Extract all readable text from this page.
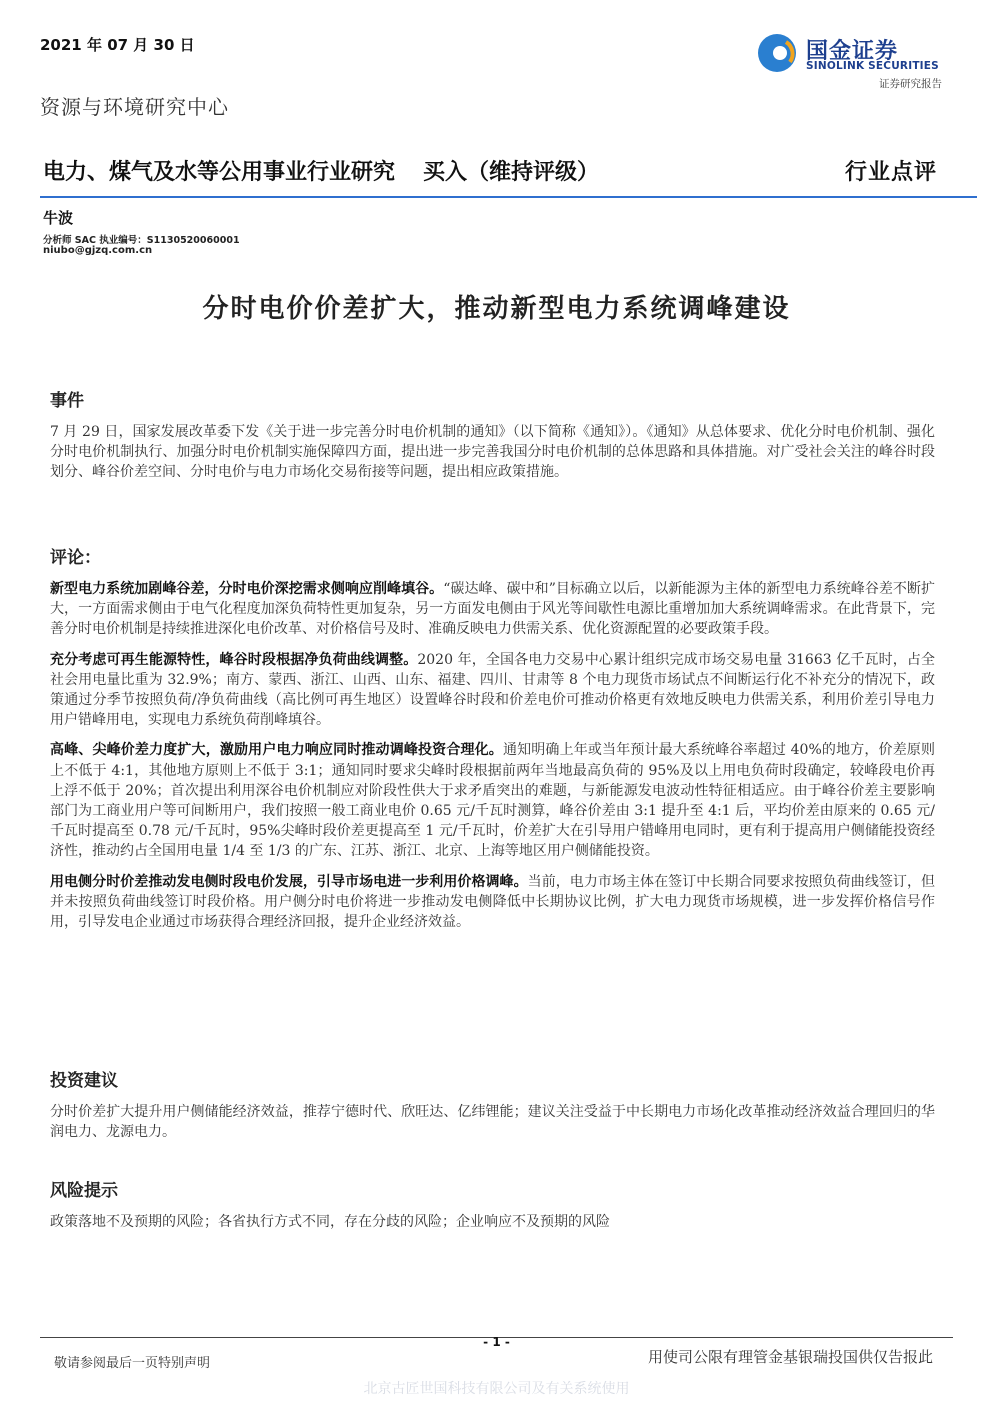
2021 年 07 月 30 日	国金证券
SINOLINK SECURITIES
证券研究报告
资源与环境研究中心
电力、煤气及水等公用事业行业研究 买入（维持评级）	行业点评
牛波
分析师 SAC 执业编号：S1130520060001
niubo@gjzq.com.cn
分时电价价差扩大，推动新型电力系统调峰建设
事件
7 月 29 日，国家发展改革委下发《关于进一步完善分时电价机制的通知》（以下简称《通知》）。《通知》从总体要求、优化分时电价机制、强化分时电价机制执行、加强分时电价机制实施保障四方面，提出进一步完善我国分时电价机制的总体思路和具体措施。对广受社会关注的峰谷时段划分、峰谷价差空间、分时电价与电力市场化交易衔接等问题，提出相应政策措施。
评论：
新型电力系统加剧峰谷差，分时电价深挖需求侧响应削峰填谷。“碳达峰、碳中和”目标确立以后，以新能源为主体的新型电力系统峰谷差不断扩大，一方面需求侧由于电气化程度加深负荷特性更加复杂，另一方面发电侧由于风光等间歇性电源比重增加加大系统调峰需求。在此背景下，完善分时电价机制是持续推进深化电价改革、对价格信号及时、准确反映电力供需关系、优化资源配置的必要政策手段。
充分考虑可再生能源特性，峰谷时段根据净负荷曲线调整。2020 年，全国各电力交易中心累计组织完成市场交易电量 31663 亿千瓦时，占全社会用电量比重为 32.9%；南方、蒙西、浙江、山西、山东、福建、四川、甘肃等 8 个电力现货市场试点不间断运行化不补充分的情况下，政策通过分季节按照负荷/净负荷曲线（高比例可再生地区）设置峰谷时段和价差电价可推动价格更有效地反映电力供需关系，利用价差引导电力用户错峰用电，实现电力系统负荷削峰填谷。
高峰、尖峰价差力度扩大，激励用户电力响应同时推动调峰投资合理化。通知明确上年或当年预计最大系统峰谷率超过 40%的地方，价差原则上不低于 4:1，其他地方原则上不低于 3:1；通知同时要求尖峰时段根据前两年当地最高负荷的 95%及以上用电负荷时段确定，较峰段电价再上浮不低于 20%；首次提出利用深谷电价机制应对阶段性供大于求矛盾突出的难题，与新能源发电波动性特征相适应。由于峰谷价差主要影响部门为工商业用户等可间断用户，我们按照一般工商业电价 0.65 元/千瓦时测算，峰谷价差由 3:1 提升至 4:1 后，平均价差由原来的 0.65 元/千瓦时提高至 0.78 元/千瓦时，95%尖峰时段价差更提高至 1 元/千瓦时，价差扩大在引导用户错峰用电同时，更有利于提高用户侧储能投资经济性，推动约占全国用电量 1/4 至 1/3 的广东、江苏、浙江、北京、上海等地区用户侧储能投资。
用电侧分时价差推动发电侧时段电价发展，引导市场电进一步利用价格调峰。当前，电力市场主体在签订中长期合同要求按照负荷曲线签订，但并未按照负荷曲线签订时段价格。用户侧分时电价将进一步推动发电侧降低中长期协议比例，扩大电力现货市场规模，进一步发挥价格信号作用，引导发电企业通过市场获得合理经济回报，提升企业经济效益。
投资建议
分时价差扩大提升用户侧储能经济效益，推荐宁德时代、欣旺达、亿纬锂能；建议关注受益于中长期电力市场化改革推动经济效益合理回归的华润电力、龙源电力。
风险提示
政策落地不及预期的风险；各省执行方式不同，存在分歧的风险；企业响应不及预期的风险
- 1 -
敬请参阅最后一页特别声明	用使司公限有理管金基银瑞投国供仅告报此
北京古匠世国科技有限公司及有关系统使用
